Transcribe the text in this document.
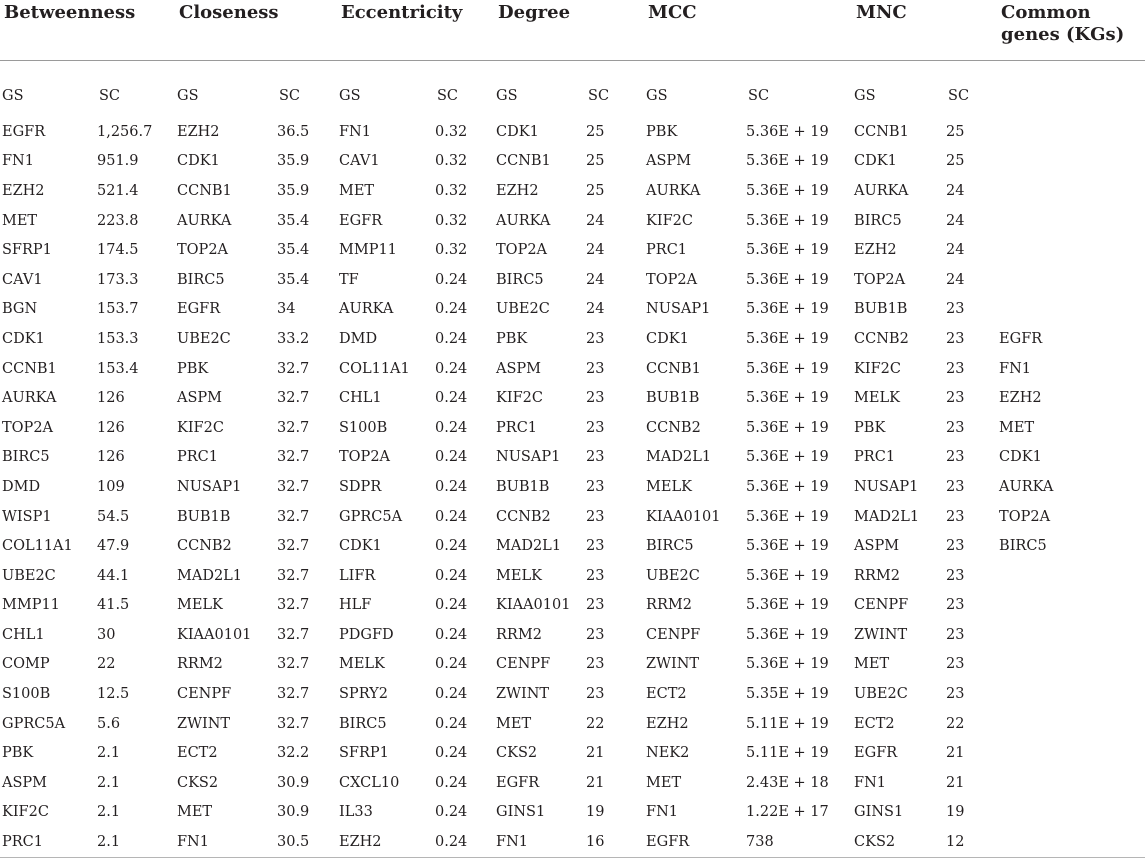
Betweenness		Closeness		Eccentricity		Degree		MCC		MNC		Common genes (KGs)
GS	SC	GS	SC	GS	SC	GS	SC	GS	SC	GS	SC	
EGFR	1,256.7	EZH2	36.5	FN1	0.32	CDK1	25	PBK	5.36E + 19	CCNB1	25	
FN1	951.9	CDK1	35.9	CAV1	0.32	CCNB1	25	ASPM	5.36E + 19	CDK1	25	
EZH2	521.4	CCNB1	35.9	MET	0.32	EZH2	25	AURKA	5.36E + 19	AURKA	24	
MET	223.8	AURKA	35.4	EGFR	0.32	AURKA	24	KIF2C	5.36E + 19	BIRC5	24	
SFRP1	174.5	TOP2A	35.4	MMP11	0.32	TOP2A	24	PRC1	5.36E + 19	EZH2	24	
CAV1	173.3	BIRC5	35.4	TF	0.24	BIRC5	24	TOP2A	5.36E + 19	TOP2A	24	
BGN	153.7	EGFR	34	AURKA	0.24	UBE2C	24	NUSAP1	5.36E + 19	BUB1B	23	
CDK1	153.3	UBE2C	33.2	DMD	0.24	PBK	23	CDK1	5.36E + 19	CCNB2	23	EGFR
CCNB1	153.4	PBK	32.7	COL11A1	0.24	ASPM	23	CCNB1	5.36E + 19	KIF2C	23	FN1
AURKA	126	ASPM	32.7	CHL1	0.24	KIF2C	23	BUB1B	5.36E + 19	MELK	23	EZH2
TOP2A	126	KIF2C	32.7	S100B	0.24	PRC1	23	CCNB2	5.36E + 19	PBK	23	MET
BIRC5	126	PRC1	32.7	TOP2A	0.24	NUSAP1	23	MAD2L1	5.36E + 19	PRC1	23	CDK1
DMD	109	NUSAP1	32.7	SDPR	0.24	BUB1B	23	MELK	5.36E + 19	NUSAP1	23	AURKA
WISP1	54.5	BUB1B	32.7	GPRC5A	0.24	CCNB2	23	KIAA0101	5.36E + 19	MAD2L1	23	TOP2A
COL11A1	47.9	CCNB2	32.7	CDK1	0.24	MAD2L1	23	BIRC5	5.36E + 19	ASPM	23	BIRC5
UBE2C	44.1	MAD2L1	32.7	LIFR	0.24	MELK	23	UBE2C	5.36E + 19	RRM2	23	
MMP11	41.5	MELK	32.7	HLF	0.24	KIAA0101	23	RRM2	5.36E + 19	CENPF	23	
CHL1	30	KIAA0101	32.7	PDGFD	0.24	RRM2	23	CENPF	5.36E + 19	ZWINT	23	
COMP	22	RRM2	32.7	MELK	0.24	CENPF	23	ZWINT	5.36E + 19	MET	23	
S100B	12.5	CENPF	32.7	SPRY2	0.24	ZWINT	23	ECT2	5.35E + 19	UBE2C	23	
GPRC5A	5.6	ZWINT	32.7	BIRC5	0.24	MET	22	EZH2	5.11E + 19	ECT2	22	
PBK	2.1	ECT2	32.2	SFRP1	0.24	CKS2	21	NEK2	5.11E + 19	EGFR	21	
ASPM	2.1	CKS2	30.9	CXCL10	0.24	EGFR	21	MET	2.43E + 18	FN1	21	
KIF2C	2.1	MET	30.9	IL33	0.24	GINS1	19	FN1	1.22E + 17	GINS1	19	
PRC1	2.1	FN1	30.5	EZH2	0.24	FN1	16	EGFR	738	CKS2	12	
